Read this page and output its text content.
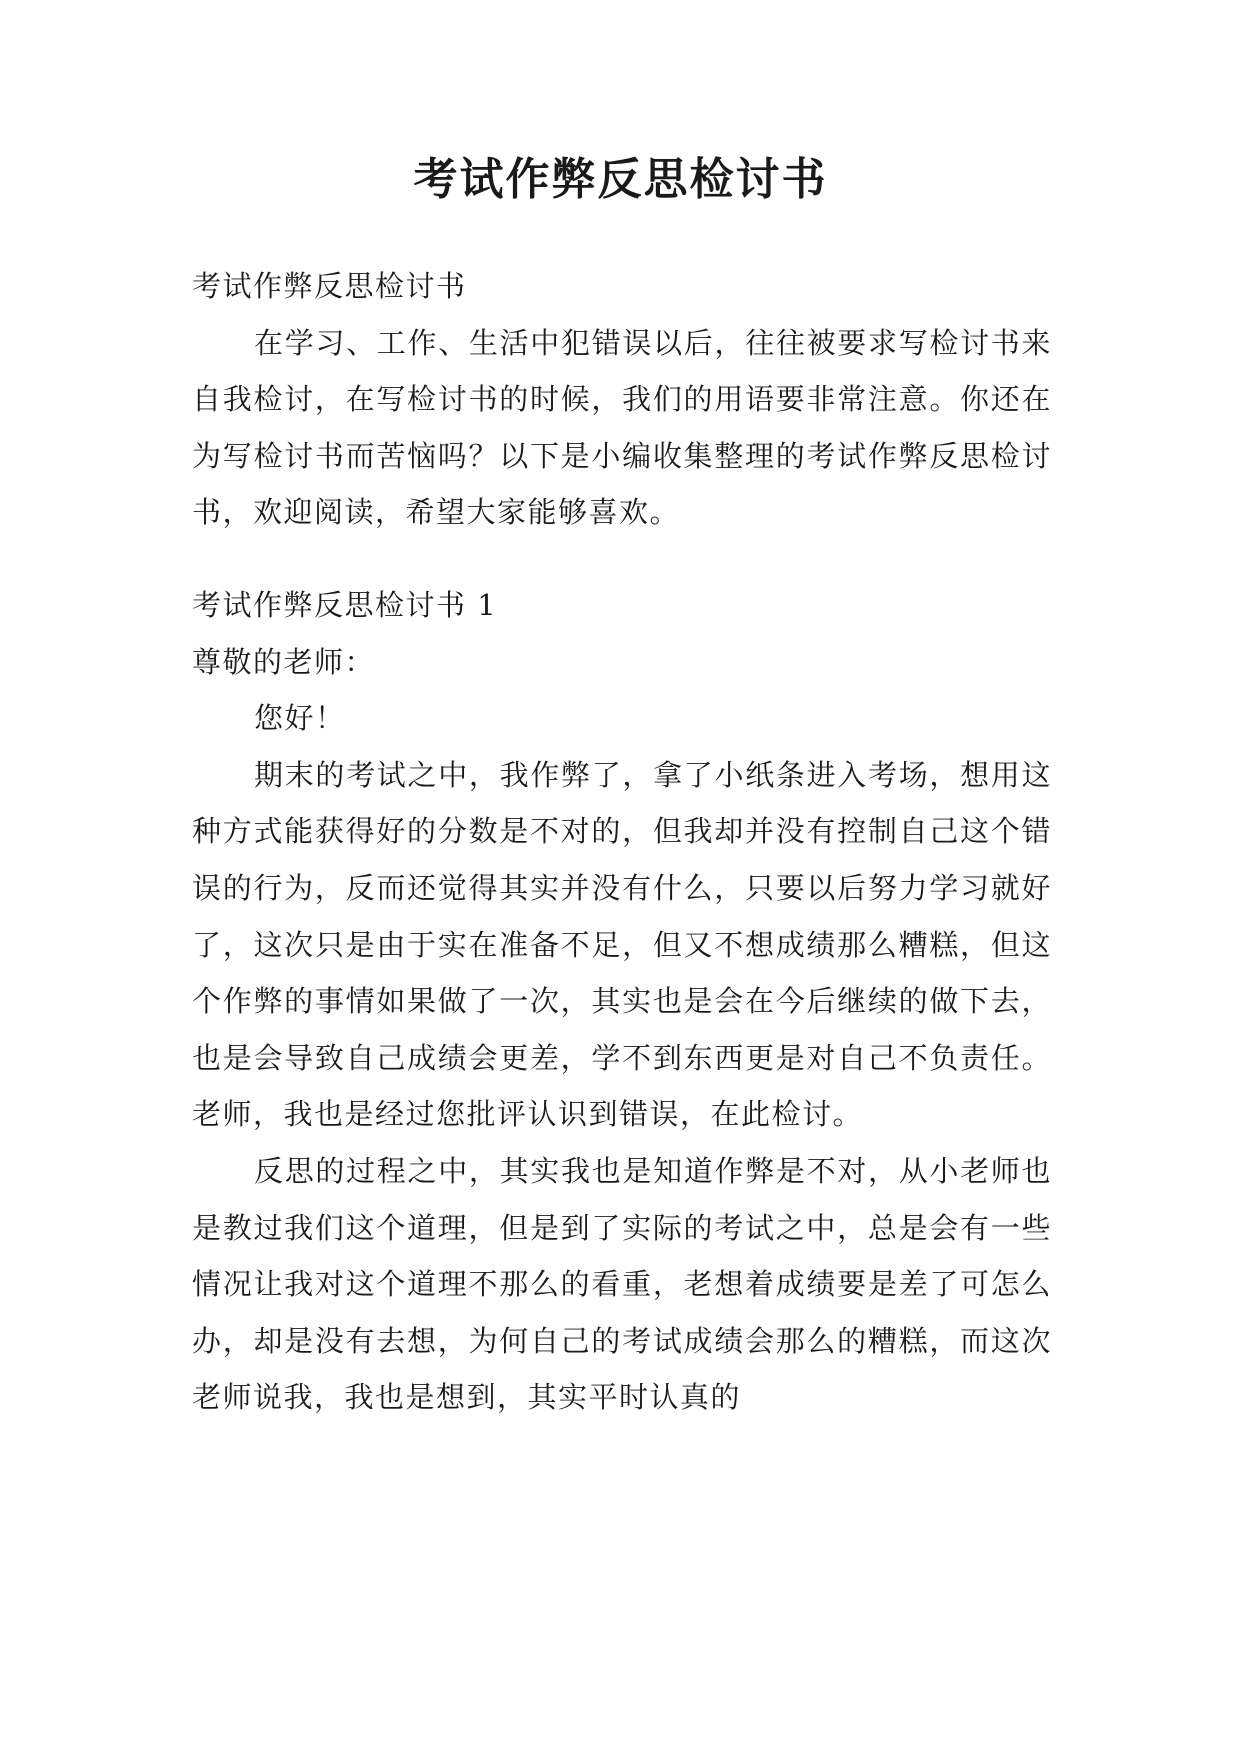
考试作弊反思检讨书

考试作弊反思检讨书

在学习、工作、生活中犯错误以后，往往被要求写检讨书来自我检讨，在写检讨书的时候，我们的用语要非常注意。你还在为写检讨书而苦恼吗？以下是小编收集整理的考试作弊反思检讨书，欢迎阅读，希望大家能够喜欢。

考试作弊反思检讨书 1

尊敬的老师：

您好！

期末的考试之中，我作弊了，拿了小纸条进入考场，想用这种方式能获得好的分数是不对的，但我却并没有控制自己这个错误的行为，反而还觉得其实并没有什么，只要以后努力学习就好了，这次只是由于实在准备不足，但又不想成绩那么糟糕，但这个作弊的事情如果做了一次，其实也是会在今后继续的做下去，也是会导致自己成绩会更差，学不到东西更是对自己不负责任。老师，我也是经过您批评认识到错误，在此检讨。

反思的过程之中，其实我也是知道作弊是不对，从小老师也是教过我们这个道理，但是到了实际的考试之中，总是会有一些情况让我对这个道理不那么的看重，老想着成绩要是差了可怎么办，却是没有去想，为何自己的考试成绩会那么的糟糕，而这次老师说我，我也是想到，其实平时认真的
